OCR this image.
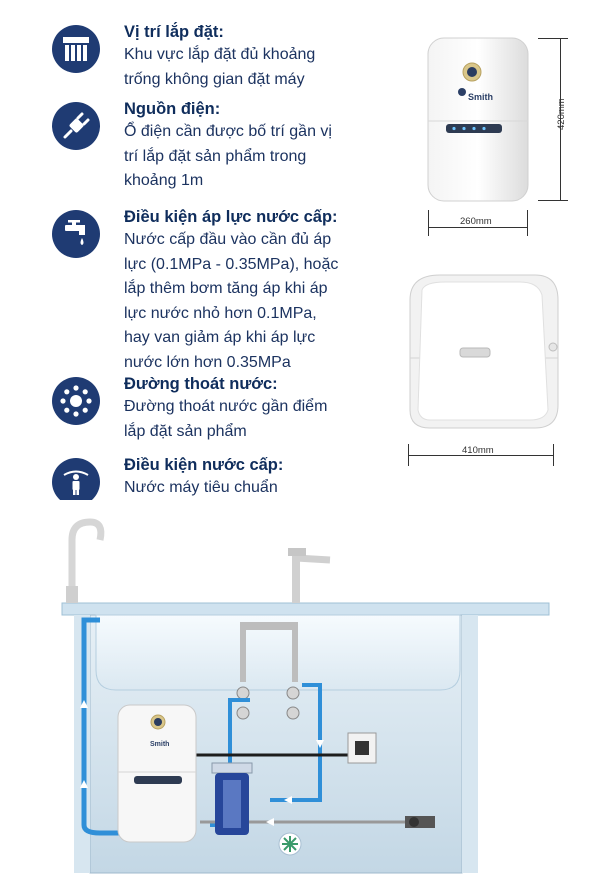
Vị trí lắp đặt:
Khu vực lắp đặt đủ khoảng
trống không gian đặt máy
Nguồn điện:
Ổ điện cần được bố trí gần vị
trí lắp đặt sản phẩm trong
khoảng 1m
Điều kiện áp lực nước cấp:
Nước cấp đầu vào cần đủ áp
lực (0.1MPa - 0.35MPa), hoặc
lắp thêm bơm tăng áp khi áp
lực nước nhỏ hơn 0.1MPa,
hay van giảm áp khi áp lực
nước lớn hơn 0.35MPa
Đường thoát nước:
Đường thoát nước gần điểm
lắp đặt sản phẩm
Điều kiện nước cấp:
Nước máy tiêu chuẩn
Smith
420mm
260mm
410mm
Smith
